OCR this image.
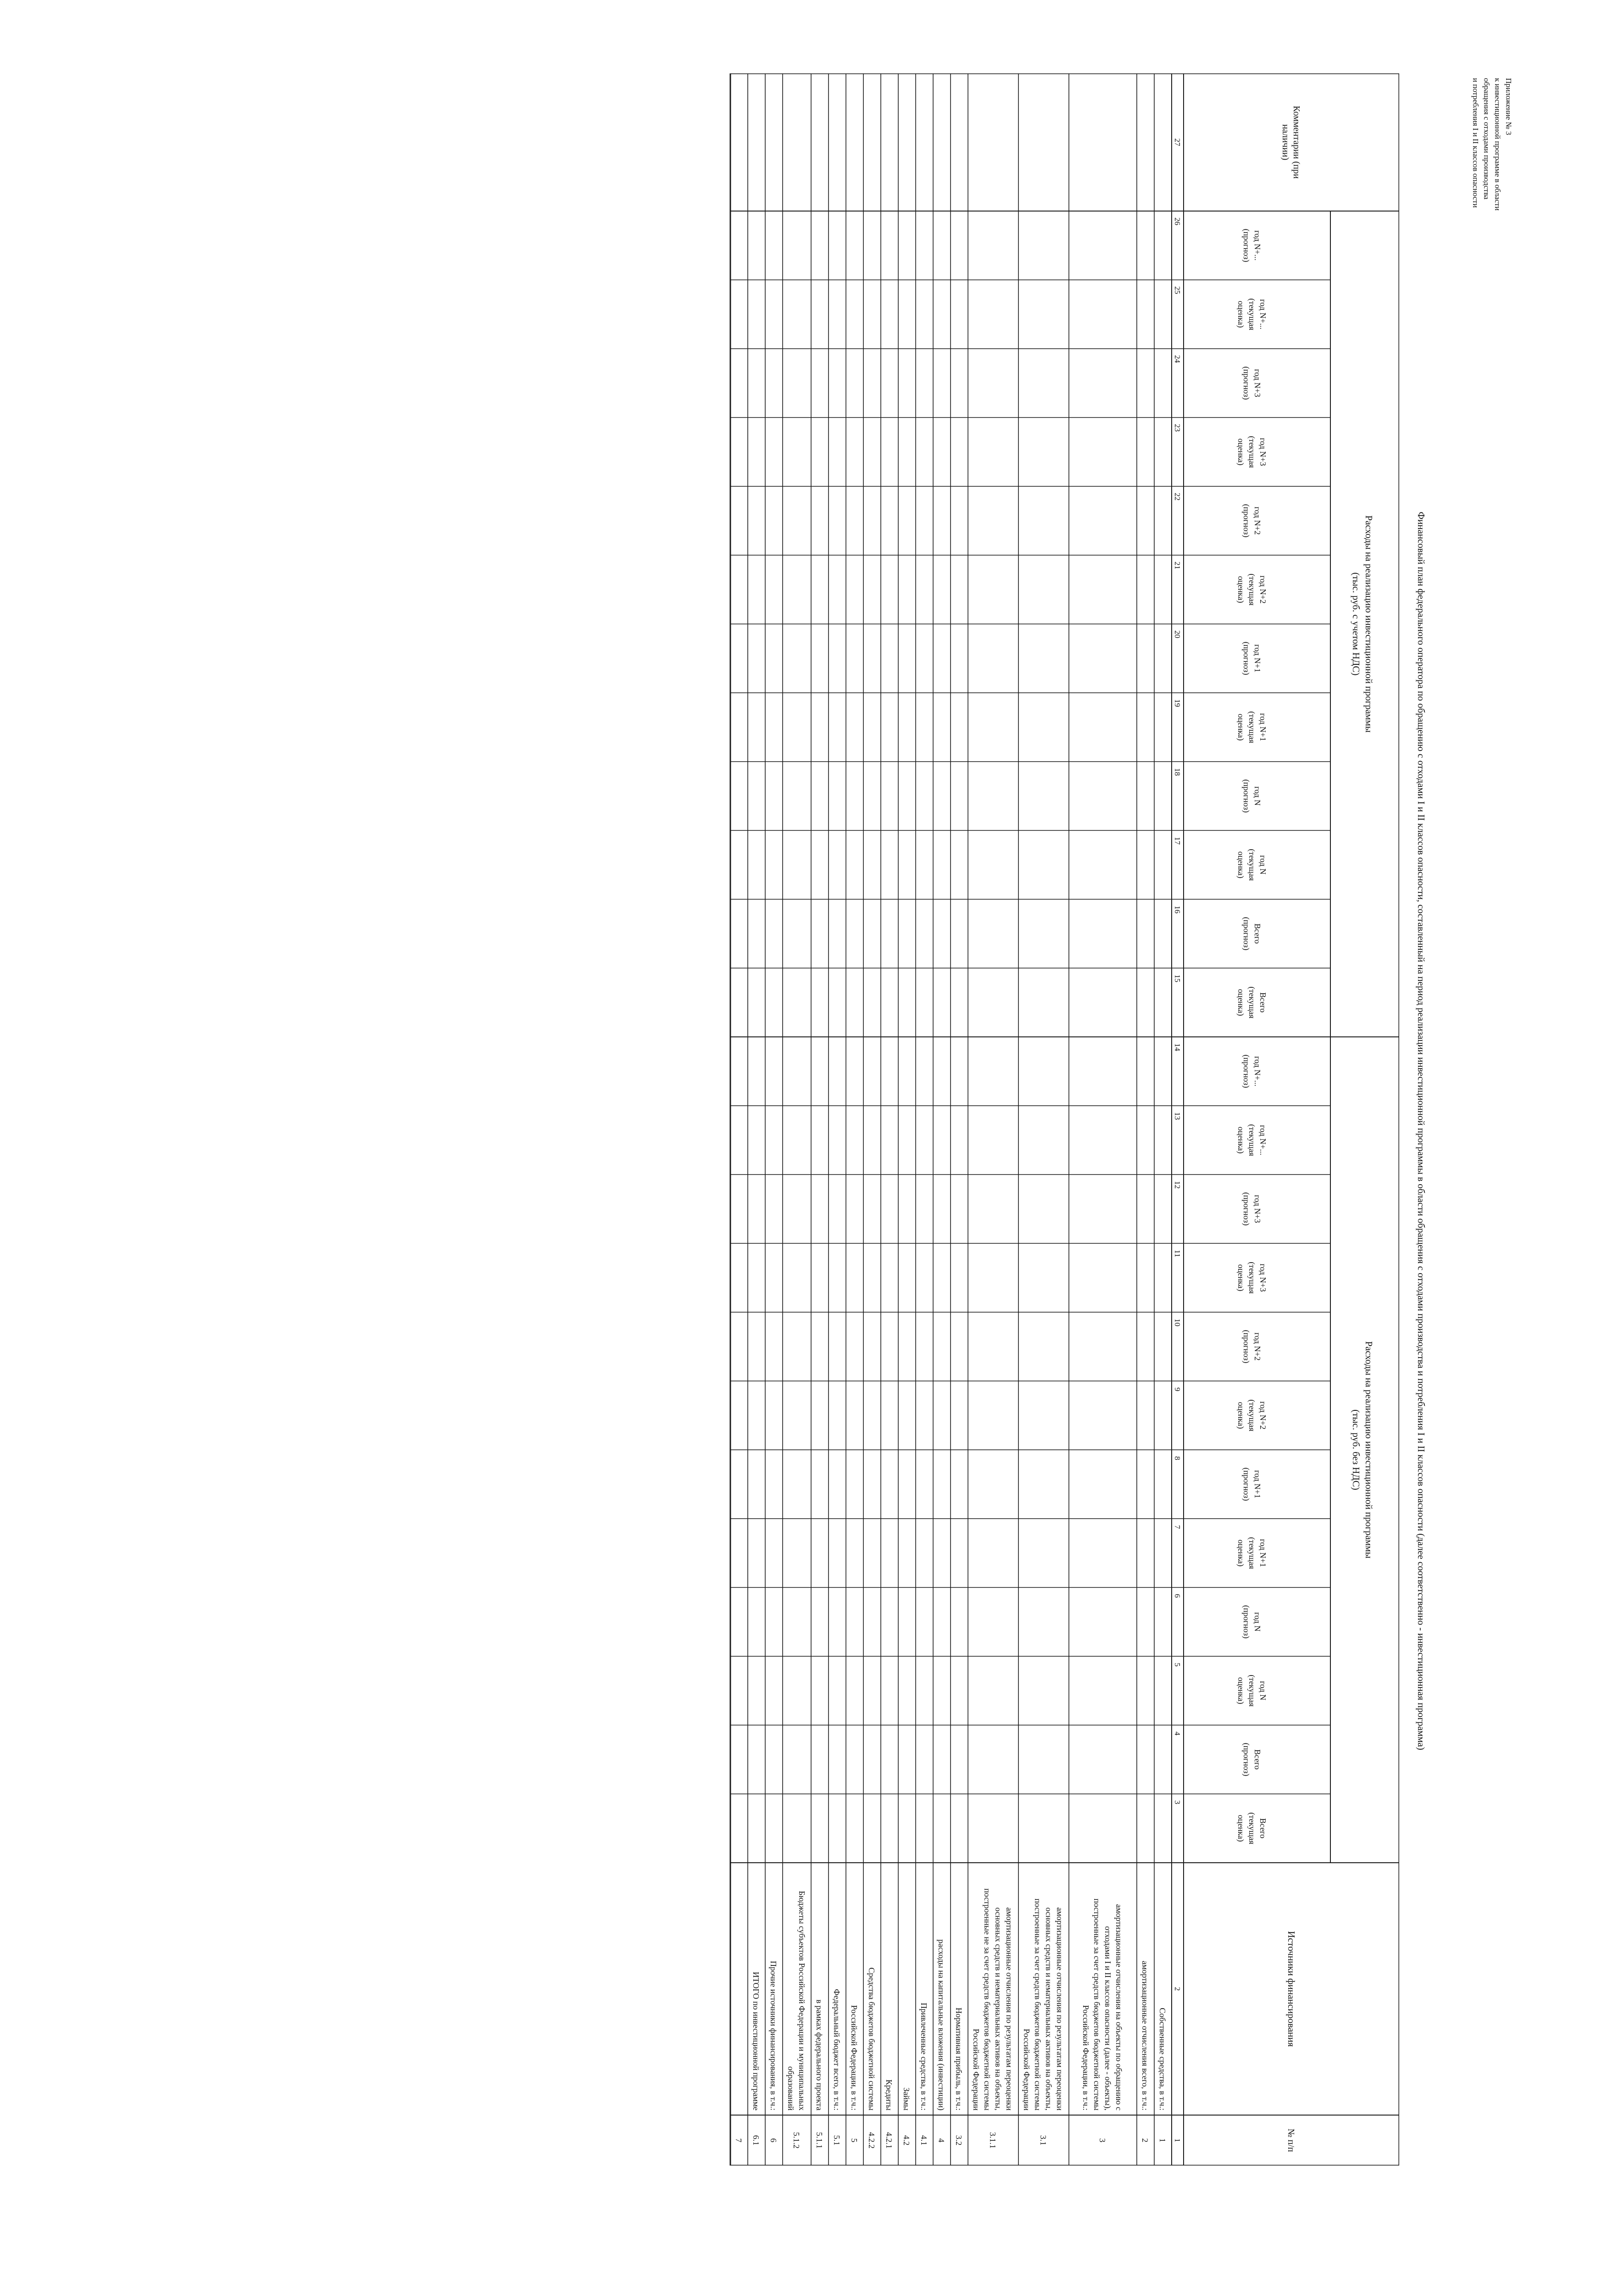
Приложение № 3
к инвестиционной программе в области
обращения с отходами производства
и потребления I и II классов опасности
Финансовый план федерального оператора по обращению с отходами I и II классов опасности, составленный на период реализации инвестиционной программы в области обращения с отходами производства и потребления I и II классов опасности (далее соответственно - инвестиционная программа)
Комментарии (при
наличии)
Источники финансирования
№ п/п
Расходы на реализацию инвестиционной программы
(тыс. руб. с учетом НДС)
Расходы на реализацию инвестиционной программы
(тыс. руб. без НДС)
Всего
(текущая
оценка)
Всего
(прогноз)
год N
(текущая
оценка)
год N
(прогноз)
год N+1
(текущая
оценка)
год N+1
(прогноз)
год N+2
(текущая
оценка)
год N+2
(прогноз)
год N+3
(текущая
оценка)
год N+3
(прогноз)
год N+...
(текущая
оценка)
год N+...
(прогноз)
Всего
(текущая
оценка)
Всего
(прогноз)
год N
(текущая
оценка)
год N
(прогноз)
год N+1
(текущая
оценка)
год N+1
(прогноз)
год N+2
(текущая
оценка)
год N+2
(прогноз)
год N+3
(текущая
оценка)
год N+3
(прогноз)
год N+...
(текущая
оценка)
год N+...
(прогноз)
1
2
3
4
5
6
7
8
9
10
11
12
13
14
15
16
17
18
19
20
21
22
23
24
25
26
27
1
Собственные средства, в т.ч.:
2
амортизационные отчисления всего, в т.ч.:
3
амортизационные отчисления на объекты по обращению с
отходами I и II классов опасности (далее - объекты),
построенные за счет средств бюджетов бюджетной системы
Российской Федерации, в т.ч.:
3.1
амортизационные отчисления по результатам переоценки
основных средств и нематериальных активов на объекты,
построенные за счет средств бюджетов бюджетной системы
Российской Федерации
3.1.1
амортизационные отчисления по результатам переоценки
основных средств и нематериальных активов на объекты,
построенные не за счет средств бюджетов бюджетной системы
Российской Федерации
3.2
Нормативная прибыль, в т.ч.:
4
расходы на капитальные вложения (инвестиции)
4.1
Привлеченные средства, в т.ч.:
4.2
Займы
4.2.1
Кредиты
4.2.2
Средства бюджетов бюджетной системы
5
Российской Федерации, в т.ч.:
5.1
Федеральный бюджет всего, в т.ч.:
5.1.1
в рамках федерального проекта
5.1.2
Бюджеты субъектов Российской Федерации и муниципальных
образований
6
Прочие источники финансирования, в т.ч.:
6.1
ИТОГО по инвестиционной программе
7
